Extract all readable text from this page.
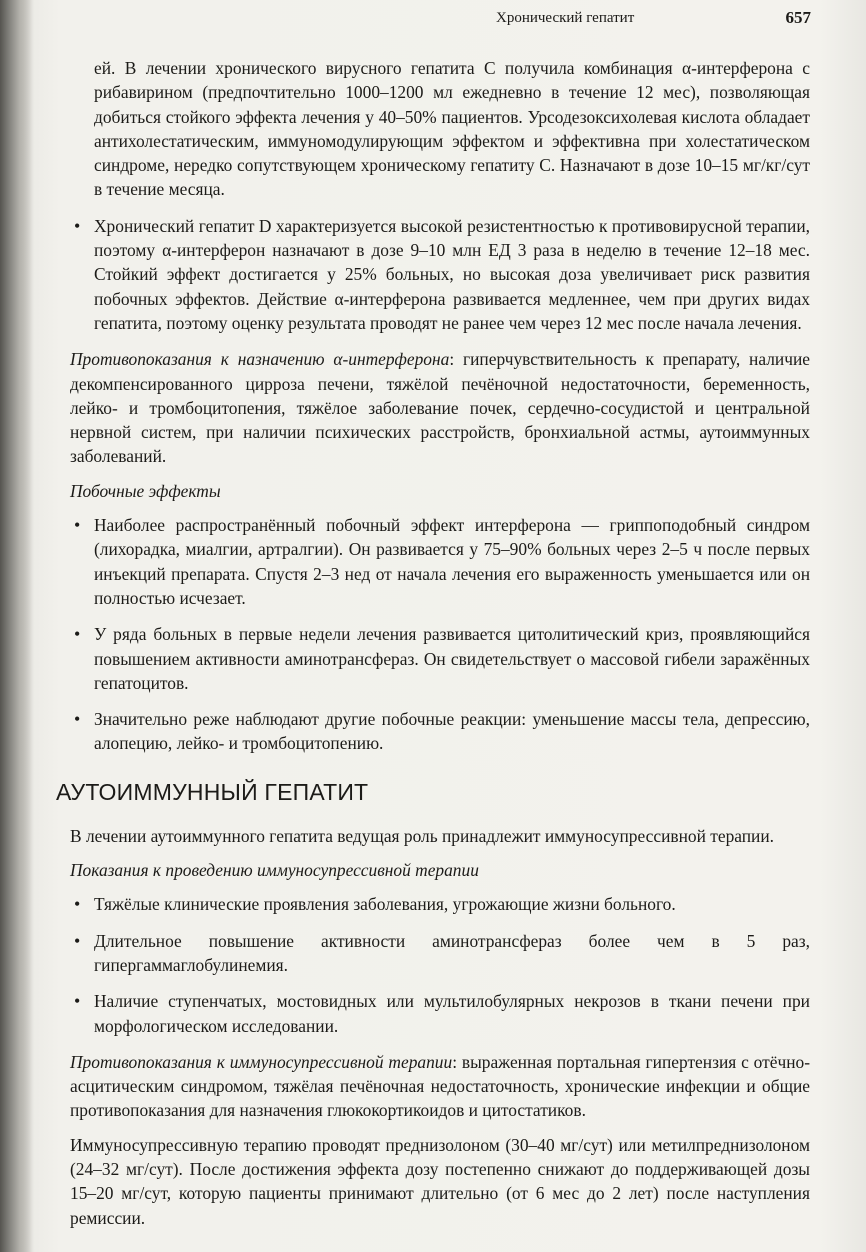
Хронический гепатит	657

ей. В лечении хронического вирусного гепатита С получила комбинация α-интерферона с рибавирином (предпочтительно 1000–1200 мл ежедневно в течение 12 мес), позволяющая добиться стойкого эффекта лечения у 40–50% пациентов. Урсодезоксихолевая кислота обладает антихолестатическим, иммуномодулирующим эффектом и эффективна при холестатическом синдроме, нередко сопутствующем хроническому гепатиту С. Назначают в дозе 10–15 мг/кг/сут в течение месяца.

• Хронический гепатит D характеризуется высокой резистентностью к противовирусной терапии, поэтому α-интерферон назначают в дозе 9–10 млн ЕД 3 раза в неделю в течение 12–18 мес. Стойкий эффект достигается у 25% больных, но высокая доза увеличивает риск развития побочных эффектов. Действие α-интерферона развивается медленнее, чем при других видах гепатита, поэтому оценку результата проводят не ранее чем через 12 мес после начала лечения.

Противопоказания к назначению α-интерферона: гиперчувствительность к препарату, наличие декомпенсированного цирроза печени, тяжёлой печёночной недостаточности, беременность, лейко- и тромбоцитопения, тяжёлое заболевание почек, сердечно-сосудистой и центральной нервной систем, при наличии психических расстройств, бронхиальной астмы, аутоиммунных заболеваний.

Побочные эффекты

• Наиболее распространённый побочный эффект интерферона — гриппоподобный синдром (лихорадка, миалгии, артралгии). Он развивается у 75–90% больных через 2–5 ч после первых инъекций препарата. Спустя 2–3 нед от начала лечения его выраженность уменьшается или он полностью исчезает.

• У ряда больных в первые недели лечения развивается цитолитический криз, проявляющийся повышением активности аминотрансфераз. Он свидетельствует о массовой гибели заражённых гепатоцитов.

• Значительно реже наблюдают другие побочные реакции: уменьшение массы тела, депрессию, алопецию, лейко- и тромбоцитопению.

АУТОИММУННЫЙ ГЕПАТИТ

В лечении аутоиммунного гепатита ведущая роль принадлежит иммуносупрессивной терапии.

Показания к проведению иммуносупрессивной терапии

• Тяжёлые клинические проявления заболевания, угрожающие жизни больного.

• Длительное повышение активности аминотрансфераз более чем в 5 раз, гипергаммаглобулинемия.

• Наличие ступенчатых, мостовидных или мультилобулярных некрозов в ткани печени при морфологическом исследовании.

Противопоказания к иммуносупрессивной терапии: выраженная портальная гипертензия с отёчно-асцитическим синдромом, тяжёлая печёночная недостаточность, хронические инфекции и общие противопоказания для назначения глюкокортикоидов и цитостатиков.

Иммуносупрессивную терапию проводят преднизолоном (30–40 мг/сут) или метилпреднизолоном (24–32 мг/сут). После достижения эффекта дозу постепенно снижают до поддерживающей дозы 15–20 мг/сут, которую пациенты принимают длительно (от 6 мес до 2 лет) после наступления ремиссии.
